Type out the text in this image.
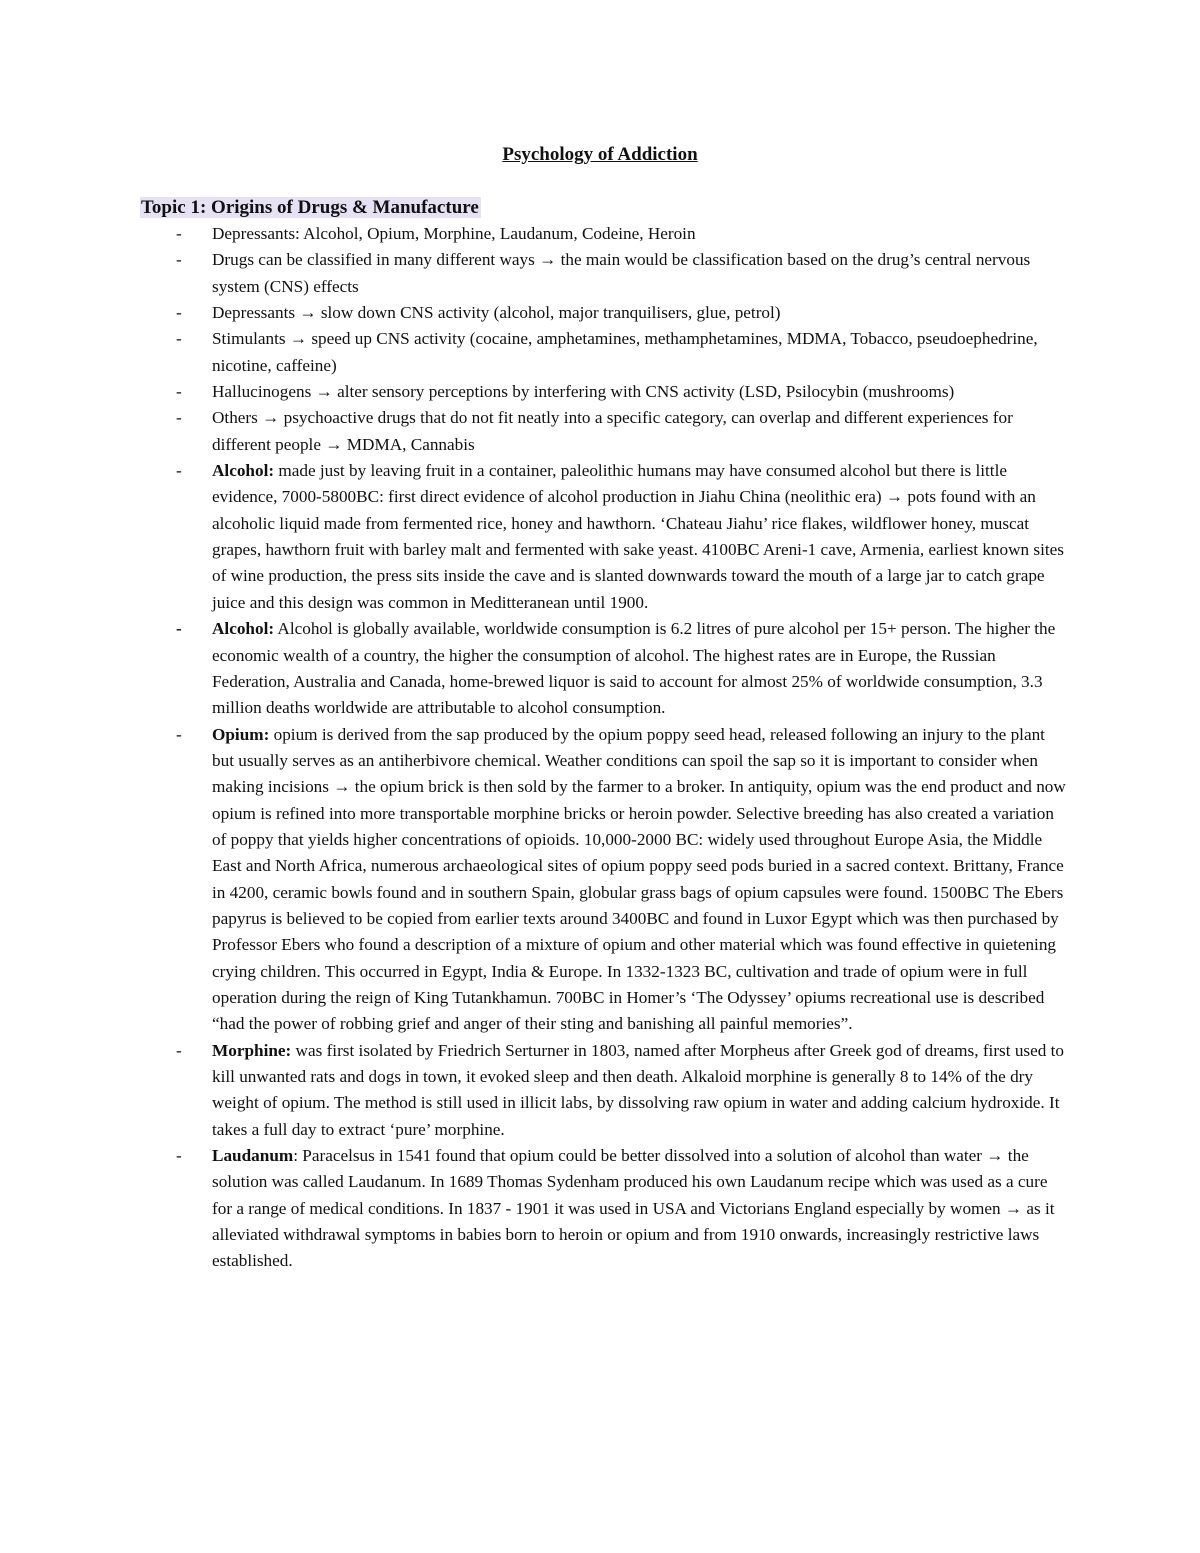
Psychology of Addiction
Topic 1: Origins of Drugs & Manufacture
-	Depressants: Alcohol, Opium, Morphine, Laudanum, Codeine, Heroin
-	Drugs can be classified in many different ways → the main would be classification based on the drug’s central nervous system (CNS) effects
-	Depressants → slow down CNS activity (alcohol, major tranquilisers, glue, petrol)
-	Stimulants → speed up CNS activity (cocaine, amphetamines, methamphetamines, MDMA, Tobacco, pseudoephedrine, nicotine, caffeine)
-	Hallucinogens → alter sensory perceptions by interfering with CNS activity (LSD, Psilocybin (mushrooms)
-	Others → psychoactive drugs that do not fit neatly into a specific category, can overlap and different experiences for different people → MDMA, Cannabis
-	Alcohol: made just by leaving fruit in a container, paleolithic humans may have consumed alcohol but there is little evidence, 7000-5800BC: first direct evidence of alcohol production in Jiahu China (neolithic era) → pots found with an alcoholic liquid made from fermented rice, honey and hawthorn. ‘Chateau Jiahu’ rice flakes, wildflower honey, muscat grapes, hawthorn fruit with barley malt and fermented with sake yeast. 4100BC Areni-1 cave, Armenia, earliest known sites of wine production, the press sits inside the cave and is slanted downwards toward the mouth of a large jar to catch grape juice and this design was common in Meditteranean until 1900.
-	Alcohol: Alcohol is globally available, worldwide consumption is 6.2 litres of pure alcohol per 15+ person. The higher the economic wealth of a country, the higher the consumption of alcohol. The highest rates are in Europe, the Russian Federation, Australia and Canada, home-brewed liquor is said to account for almost 25% of worldwide consumption, 3.3 million deaths worldwide are attributable to alcohol consumption.
-	Opium: opium is derived from the sap produced by the opium poppy seed head, released following an injury to the plant but usually serves as an antiherbivore chemical. Weather conditions can spoil the sap so it is important to consider when making incisions → the opium brick is then sold by the farmer to a broker. In antiquity, opium was the end product and now opium is refined into more transportable morphine bricks or heroin powder. Selective breeding has also created a variation of poppy that yields higher concentrations of opioids. 10,000-2000 BC: widely used throughout Europe Asia, the Middle East and North Africa, numerous archaeological sites of opium poppy seed pods buried in a sacred context. Brittany, France in 4200, ceramic bowls found and in southern Spain, globular grass bags of opium capsules were found. 1500BC The Ebers papyrus is believed to be copied from earlier texts around 3400BC and found in Luxor Egypt which was then purchased by Professor Ebers who found a description of a mixture of opium and other material which was found effective in quietening crying children. This occurred in Egypt, India & Europe. In 1332-1323 BC, cultivation and trade of opium were in full operation during the reign of King Tutankhamun. 700BC in Homer’s ‘The Odyssey’ opiums recreational use is described “had the power of robbing grief and anger of their sting and banishing all painful memories”.
-	Morphine: was first isolated by Friedrich Serturner in 1803, named after Morpheus after Greek god of dreams, first used to kill unwanted rats and dogs in town, it evoked sleep and then death. Alkaloid morphine is generally 8 to 14% of the dry weight of opium. The method is still used in illicit labs, by dissolving raw opium in water and adding calcium hydroxide. It takes a full day to extract ‘pure’ morphine.
-	Laudanum: Paracelsus in 1541 found that opium could be better dissolved into a solution of alcohol than water → the solution was called Laudanum. In 1689 Thomas Sydenham produced his own Laudanum recipe which was used as a cure for a range of medical conditions. In 1837 - 1901 it was used in USA and Victorians England especially by women → as it alleviated withdrawal symptoms in babies born to heroin or opium and from 1910 onwards, increasingly restrictive laws established.
